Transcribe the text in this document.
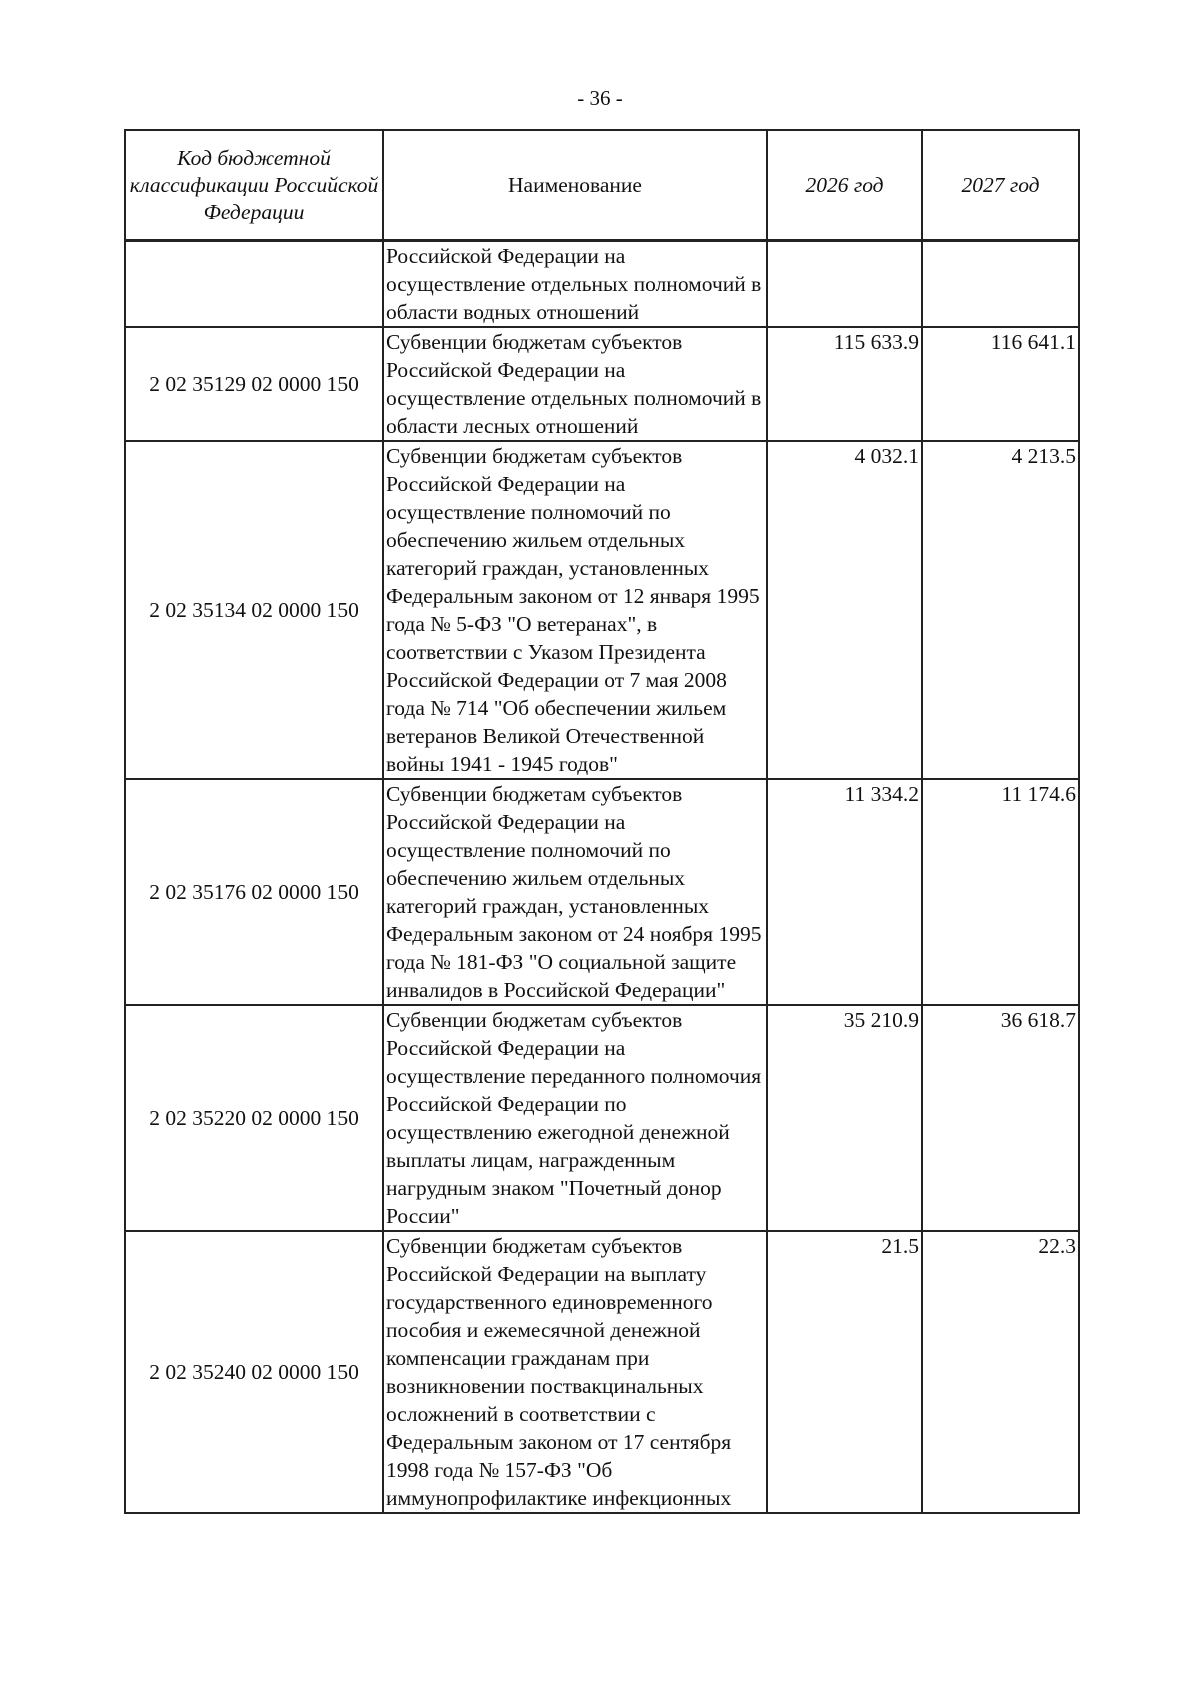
- 36 -
Код бюджетной классификации Российской Федерации	Наименование	2026 год	2027 год
	Российской Федерации на осуществление отдельных полномочий в области водных отношений		
2 02 35129 02 0000 150	Субвенции бюджетам субъектов Российской Федерации на осуществление отдельных полномочий в области лесных отношений	115 633.9	116 641.1
2 02 35134 02 0000 150	Субвенции бюджетам субъектов Российской Федерации на осуществление полномочий по обеспечению жильем отдельных категорий граждан, установленных Федеральным законом от 12 января 1995 года № 5-ФЗ "О ветеранах", в соответствии с Указом Президента Российской Федерации от 7 мая 2008 года № 714 "Об обеспечении жильем ветеранов Великой Отечественной войны 1941 - 1945 годов"	4 032.1	4 213.5
2 02 35176 02 0000 150	Субвенции бюджетам субъектов Российской Федерации на осуществление полномочий по обеспечению жильем отдельных категорий граждан, установленных Федеральным законом от 24 ноября 1995 года № 181-ФЗ "О социальной защите инвалидов в Российской Федерации"	11 334.2	11 174.6
2 02 35220 02 0000 150	Субвенции бюджетам субъектов Российской Федерации на осуществление переданного полномочия Российской Федерации по осуществлению ежегодной денежной выплаты лицам, награжденным нагрудным знаком "Почетный донор России"	35 210.9	36 618.7
2 02 35240 02 0000 150	Субвенции бюджетам субъектов Российской Федерации на выплату государственного единовременного пособия и ежемесячной денежной компенсации гражданам при возникновении поствакцинальных осложнений в соответствии с Федеральным законом от 17 сентября 1998 года № 157-ФЗ "Об иммунопрофилактике инфекционных	21.5	22.3
